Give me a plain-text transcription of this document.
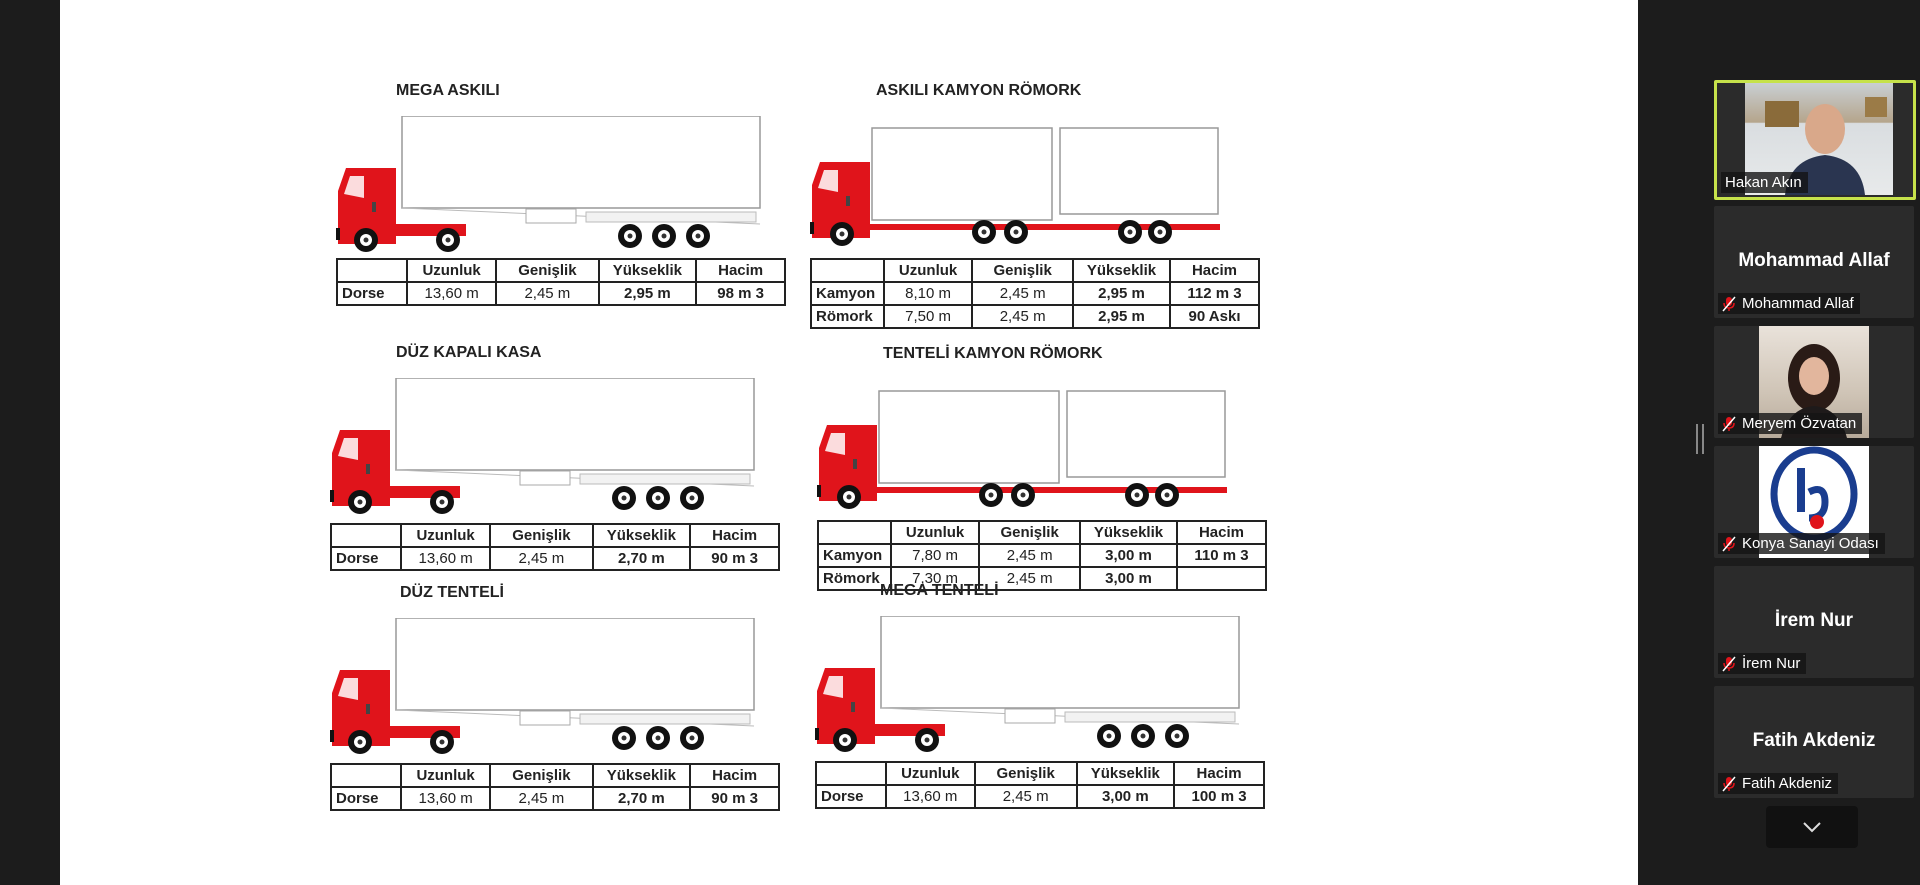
MEGA ASKILI
	Uzunluk	Genişlik	Yükseklik	Hacim
Dorse	13,60 m	2,45 m	2,95 m	98 m 3
ASKILI KAMYON RÖMORK
	Uzunluk	Genişlik	Yükseklik	Hacim
Kamyon	8,10 m	2,45 m	2,95 m	112 m 3
Römork	7,50 m	2,45 m	2,95 m	90 Askı
DÜZ KAPALI KASA
	Uzunluk	Genişlik	Yükseklik	Hacim
Dorse	13,60 m	2,45 m	2,70 m	90 m 3
TENTELİ KAMYON RÖMORK
	Uzunluk	Genişlik	Yükseklik	Hacim
Kamyon	7,80 m	2,45 m	3,00 m	110 m 3
Römork	7,30 m	2,45 m	3,00 m	
DÜZ TENTELİ
	Uzunluk	Genişlik	Yükseklik	Hacim
Dorse	13,60 m	2,45 m	2,70 m	90 m 3
MEGA TENTELİ
	Uzunluk	Genişlik	Yükseklik	Hacim
Dorse	13,60 m	2,45 m	3,00 m	100 m 3
Hakan Akın
Mohammad Allaf
Mohammad Allaf
Meryem Özvatan
Konya Sanayi Odası
İrem Nur
İrem Nur
Fatih Akdeniz
Fatih Akdeniz
